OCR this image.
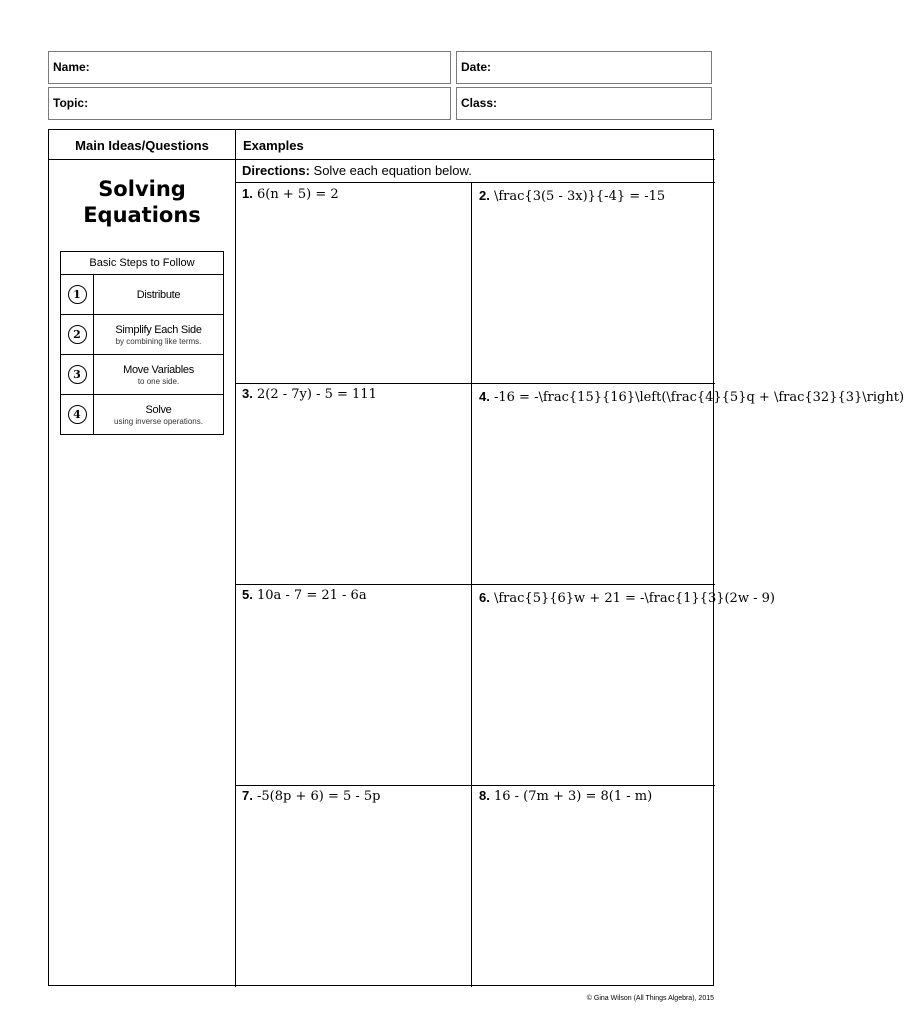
Name:	Date:
Topic:	Class:
Main Ideas/Questions	Examples
Directions: Solve each equation below.
Solving
Equations
Basic Steps to Follow	
1	Distribute

2	Simplify Each Side
by combining like terms.

3	Move Variables
to one side.

4	Solve
using inverse operations.
1. 6(n + 5) = 2	2. \frac{3(5 - 3x)}{-4} = -15
3. 2(2 - 7y) - 5 = 111	4. -16 = -\frac{15}{16}\left(\frac{4}{5}q + \frac{32}{3}\right)
5. 10a - 7 = 21 - 6a	6. \frac{5}{6}w + 21 = -\frac{1}{3}(2w - 9)
7. -5(8p + 6) = 5 - 5p	8. 16 - (7m + 3) = 8(1 - m)
© Gina Wilson (All Things Algebra), 2015
